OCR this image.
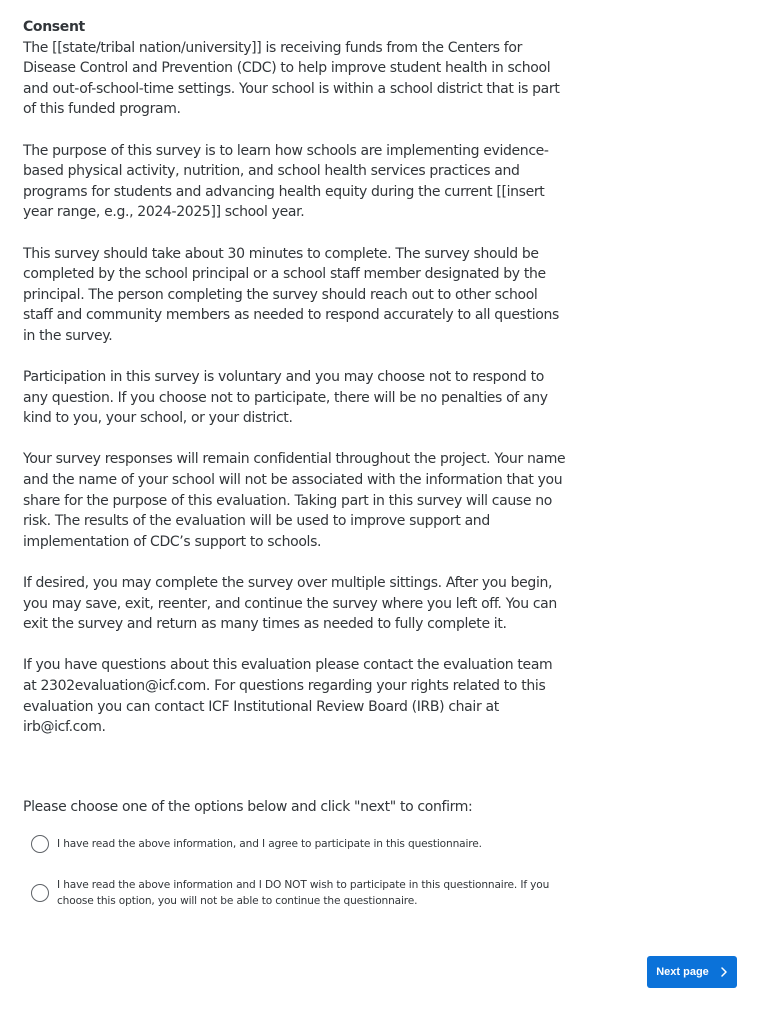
Consent

The [[state/tribal nation/university]] is receiving funds from the Centers for Disease Control and Prevention (CDC) to help improve student health in school and out-of-school-time settings. Your school is within a school district that is part of this funded program.

The purpose of this survey is to learn how schools are implementing evidence-based physical activity, nutrition, and school health services practices and programs for students and advancing health equity during the current [[insert year range, e.g., 2024-2025]] school year.

This survey should take about 30 minutes to complete. The survey should be completed by the school principal or a school staff member designated by the principal. The person completing the survey should reach out to other school staff and community members as needed to respond accurately to all questions in the survey.

Participation in this survey is voluntary and you may choose not to respond to any question. If you choose not to participate, there will be no penalties of any kind to you, your school, or your district.

Your survey responses will remain confidential throughout the project. Your name and the name of your school will not be associated with the information that you share for the purpose of this evaluation. Taking part in this survey will cause no risk. The results of the evaluation will be used to improve support and implementation of CDC’s support to schools.

If desired, you may complete the survey over multiple sittings. After you begin, you may save, exit, reenter, and continue the survey where you left off. You can exit the survey and return as many times as needed to fully complete it.

If you have questions about this evaluation please contact the evaluation team at 2302evaluation@icf.com. For questions regarding your rights related to this evaluation you can contact ICF Institutional Review Board (IRB) chair at irb@icf.com.

Please choose one of the options below and click "next" to confirm:
I have read the above information, and I agree to participate in this questionnaire.
I have read the above information and I DO NOT wish to participate in this questionnaire. If you choose this option, you will not be able to continue the questionnaire.
Next page
